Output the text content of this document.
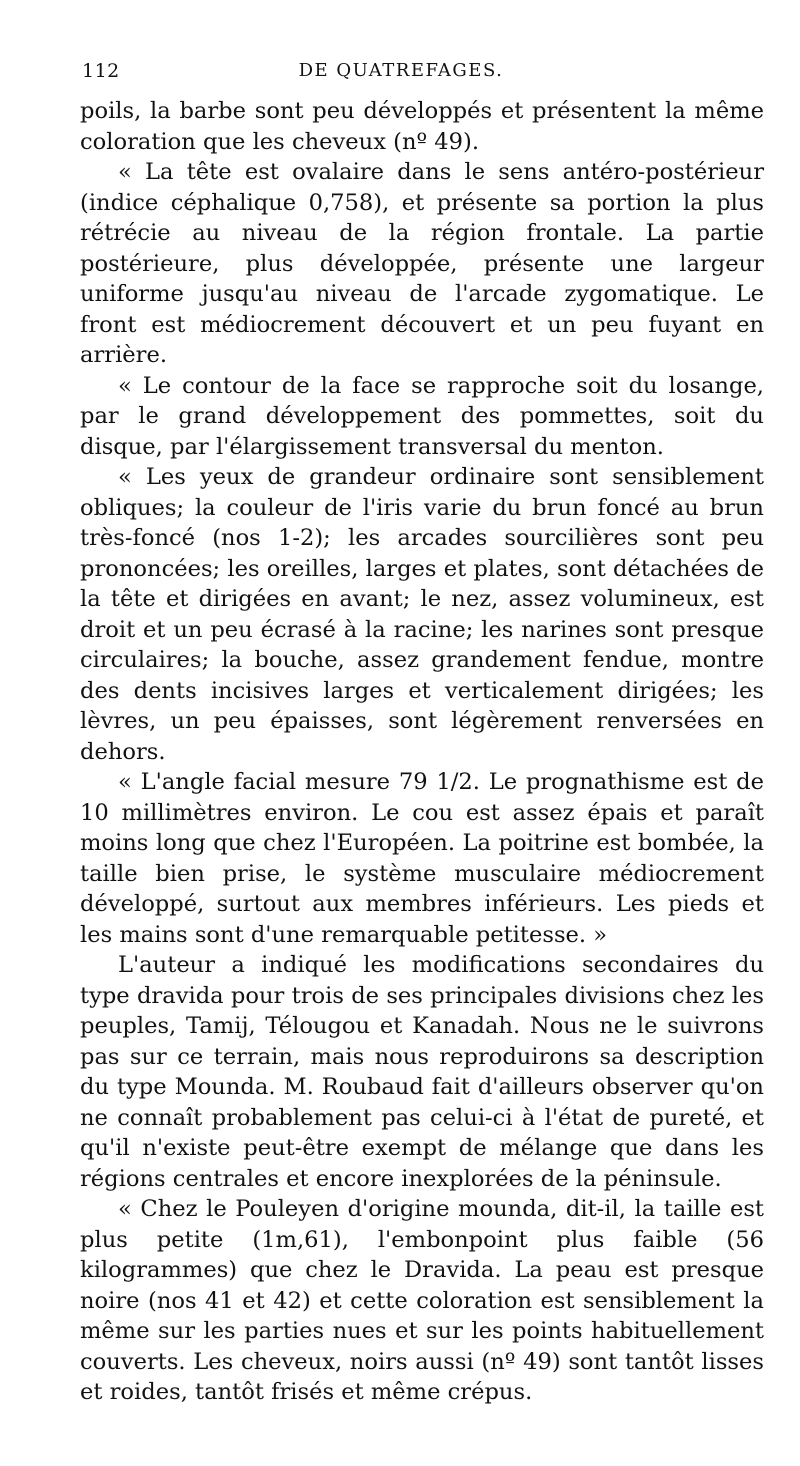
112	DE QUATREFAGES.

poils, la barbe sont peu développés et présentent la même coloration que les cheveux (nº 49).

« La tête est ovalaire dans le sens antéro-postérieur (indice céphalique 0,758), et présente sa portion la plus rétrécie au niveau de la région frontale. La partie postérieure, plus développée, présente une largeur uniforme jusqu'au niveau de l'arcade zygomatique. Le front est médiocrement découvert et un peu fuyant en arrière.

« Le contour de la face se rapproche soit du losange, par le grand développement des pommettes, soit du disque, par l'élargissement transversal du menton.

« Les yeux de grandeur ordinaire sont sensiblement obliques; la couleur de l'iris varie du brun foncé au brun très-foncé (nos 1-2); les arcades sourcilières sont peu prononcées; les oreilles, larges et plates, sont détachées de la tête et dirigées en avant; le nez, assez volumineux, est droit et un peu écrasé à la racine; les narines sont presque circulaires; la bouche, assez grandement fendue, montre des dents incisives larges et verticalement dirigées; les lèvres, un peu épaisses, sont légèrement renversées en dehors.

« L'angle facial mesure 79 1/2. Le prognathisme est de 10 millimètres environ. Le cou est assez épais et paraît moins long que chez l'Européen. La poitrine est bombée, la taille bien prise, le système musculaire médiocrement développé, surtout aux membres inférieurs. Les pieds et les mains sont d'une remarquable petitesse. »

L'auteur a indiqué les modifications secondaires du type dravida pour trois de ses principales divisions chez les peuples, Tamij, Télougou et Kanadah. Nous ne le suivrons pas sur ce terrain, mais nous reproduirons sa description du type Mounda. M. Roubaud fait d'ailleurs observer qu'on ne connaît probablement pas celui-ci à l'état de pureté, et qu'il n'existe peut-être exempt de mélange que dans les régions centrales et encore inexplorées de la péninsule.

« Chez le Pouleyen d'origine mounda, dit-il, la taille est plus petite (1m,61), l'embonpoint plus faible (56 kilogrammes) que chez le Dravida. La peau est presque noire (nos 41 et 42) et cette coloration est sensiblement la même sur les parties nues et sur les points habituellement couverts. Les cheveux, noirs aussi (nº 49) sont tantôt lisses et roides, tantôt frisés et même crépus.
